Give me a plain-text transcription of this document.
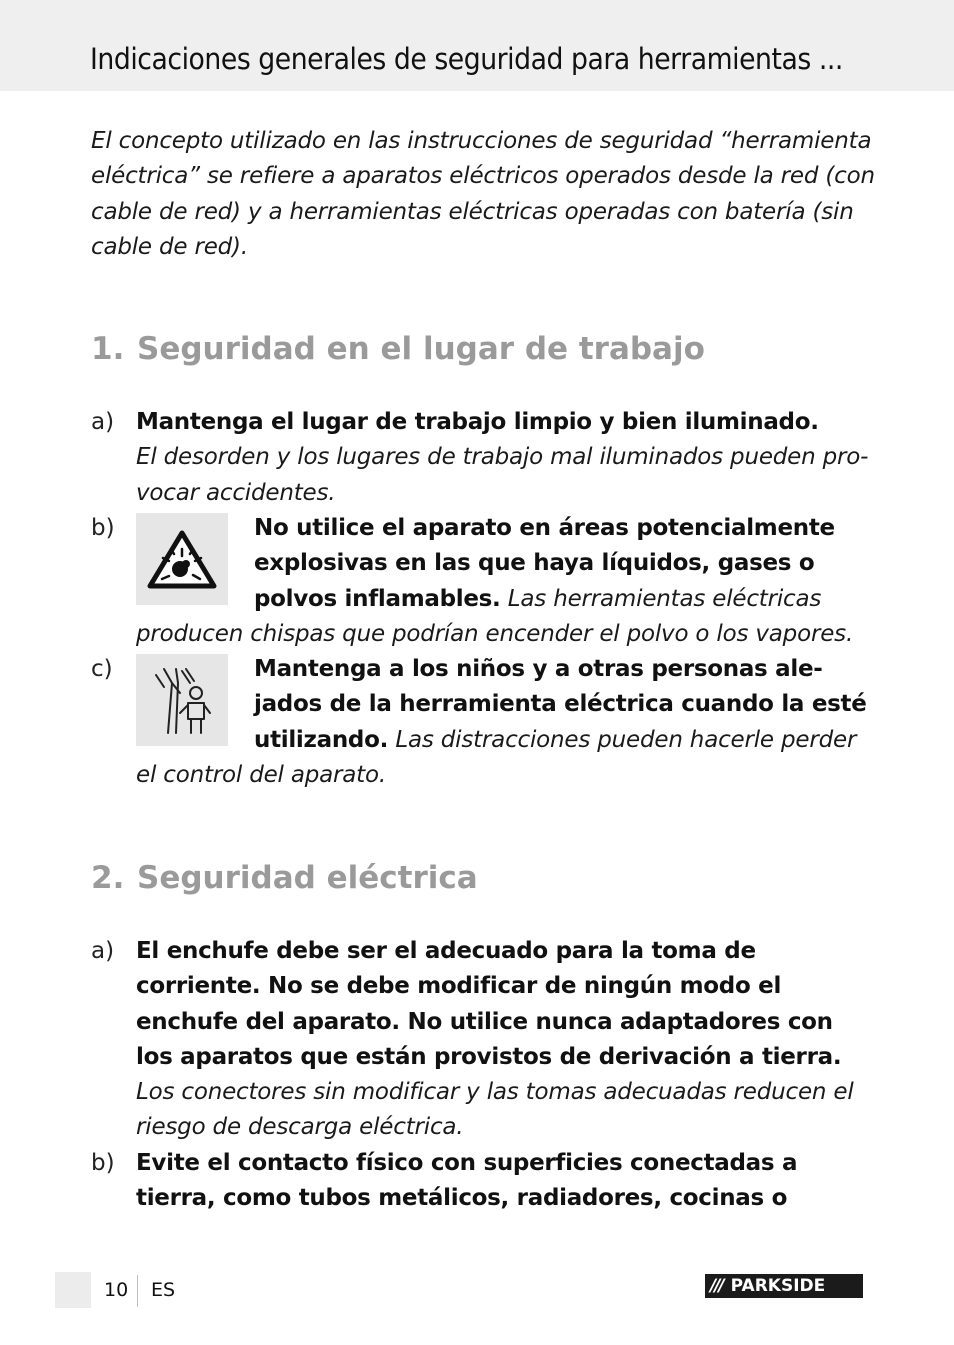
Indicaciones generales de seguridad para herramientas ...
El concepto utilizado en las instrucciones de seguridad “herramienta eléctrica” se refiere a aparatos eléctricos operados desde la red (con cable de red) y a herramientas eléctricas operadas con batería (sin cable de red).
1. Seguridad en el lugar de trabajo
a) Mantenga el lugar de trabajo limpio y bien iluminado.
El desorden y los lugares de trabajo mal iluminados pueden pro-vocar accidentes.
b)	No utilice el aparato en áreas potencialmente explosivas en las que haya líquidos, gases o polvos inflamables. Las herramientas eléctricas producen chispas que podrían encender el polvo o los vapores.
c)	Mantenga a los niños y a otras personas ale-jados de la herramienta eléctrica cuando la esté utilizando. Las distracciones pueden hacerle perder el control del aparato.
2. Seguridad eléctrica
a) El enchufe debe ser el adecuado para la toma de corriente. No se debe modificar de ningún modo el enchufe del aparato. No utilice nunca adaptadores con los aparatos que están provistos de derivación a tierra. Los conectores sin modificar y las tomas adecuadas reducen el riesgo de descarga eléctrica.
b) Evite el contacto físico con superficies conectadas a tierra, como tubos metálicos, radiadores, cocinas o
10 ES	/// PARKSIDE
